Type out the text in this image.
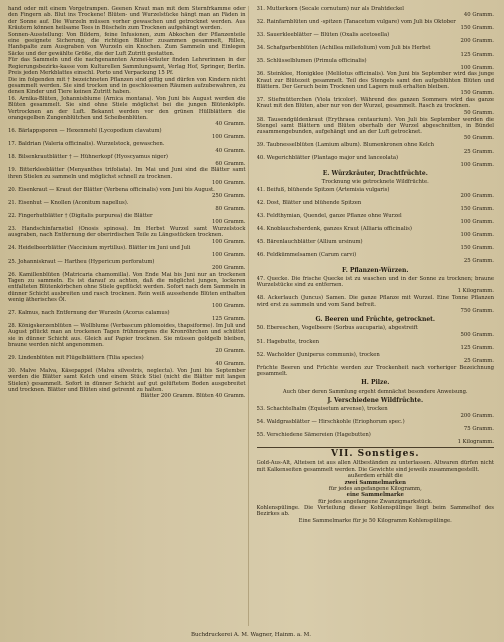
hand oder mit einem Vorgetrampen. Geenen Kraut man mit dem Sternfrkamme oder den Fingern ab. Blut ins Trockene! Blüten- und Wurzelstücke hängt man an Fäden in der Sonne auf. Die Wurzeln müssen vorher gewaschen und getrocknet werden. Aus Kräutern können heilsame Tees in Büscheln zum Trocknen aufgehängt werden.

Sonnen-Ausstellung: Von Bildern, feine Infusionen, zum Abkochen der Pflanzenteile eine geeignete Sicherung, die richtigen Blätter zusammen gesammelt, Rillen, Hanfspalte zum Ausgraben von Wurzeln ein Knochen. Zum Sammeln und Einlegen Säcke und der gewählte Größe, die der Luft Zutritt gestatten.

Für das Sammeln und die nachgenannten Arznei-kräuter finden Lehrerinnen in der Regierungsbezirks-kasse vom Kulturellen Sammlungsamt, Verlag Hof, Springer, Berlin. Preis jeden Merkblattes einschl. Porto und Verpackung 15 Pf.

Die im folgenden mit † bezeichneten Pflanzen sind giftig und dürfen von Kindern nicht gesammelt werden. Sie sind trocken und in geschlossenen Räumen aufzubewahren, zu denen Kinder und Tiere keinen Zutritt haben.

16. Arnika-Blüten, Johannisblume (Arnica montana). Von Juni bis August werden die Blüten gesammelt. Sie sind ohne Stiele möglichst bei die jungen Blütenköpfe. Vertrocknen an der Luft. Bekannt werden vor den grünen Hüllblättern die orangegelben Zungenblütchen und Scheibenblüten.
40 Gramm.

16. Bärlappsporen — Hexenmehl (Lycopodium clavatum)
100 Gramm.

17. Baldrian (Valeria officinalis). Wurzelstock, gewaschen.
40 Gramm.

18. Bilsenkrautblätter † — Hühnerkopf (Hyoscyamus niger)
60 Gramm.

19. Bitterkleeblätter (Menyanthes trifoliata). Im Mai und Juni sind die Blätter samt ihren Stielen zu sammeln und möglichst schnell zu trocknen.
100 Gramm.

20. Eisenkraut — Kraut der Blätter (Verbena officinalis) vom Juni bis August.
250 Gramm.

21. Eisenhut — Knollen (Aconitum napellus).
80 Gramm.

22. Fingerhutblätter † (Digitalis purpurea) die Blätter
100 Gramm.

23. Handschinfarnstiel (Onosis spinosa). Im Herbst Wurzel samt Wurzelstock ausgraben, nach Entfernung der oberirdischen Teile zu Längsstücken trocknen.
100 Gramm.

24. Heidelbeerblätter (Vaccinium myrtillus). Blätter im Juni und Juli
100 Gramm.

25. Johanniskraut — Hartheu (Hypericum perforatum)
200 Gramm.

26. Kamillenblüten (Matricaria chamomilla). Von Ende Mai bis Juni nur an trockenen Tagen zu sammeln. Es ist darauf zu achten, daß die möglichst jungen, lockeren entfalteten Blütenkörbchen ohne Stiele gepflückt werden. Sofort nach dem Sammeln in dünner Schicht ausbreiten und rasch trocknen. Rein weiß aussehende Blüten enthalten wenig ätherisches Öl.
100 Gramm.

27. Kalmus, nach Entfernung der Wurzeln (Acorus calamus)
125 Gramm.

28. Königskerzenblüten — Wollblume (Verbascum phlomoides, thapsiforme). Im Juli und August pflückt man an trockenen Tagen frühmorgens die Kronröhrchen und schüttet sie in dünner Schicht aus. Gleich auf Papier trocknen. Sie müssen goldgelb bleiben, braune werden nicht angenommen.
20 Gramm.

29. Lindenblüten mit Flügelblättern (Tilia species)
40 Gramm.

30. Malve Malva, Käsepappel (Malva silvestris, neglecta). Von Juni bis September werden die Blätter samt Kelch und einem Stück Stiel (nicht die Blätter mit langen Stielen) gesammelt. Sofort in dünner Schicht auf gut gelüftetem Boden ausgebreitet und trocknen. Blätter und Blüten sind getrennt zu halten.
Blätter 200 Gramm. Blüten 40 Gramm.

31. Mutterkorn (Secale cornutum) nur als Drahtdeckel
40 Gramm.

32. Rainfarnblüten und -spitzen (Tanacetum vulgare) vom Juli bis Oktober
150 Gramm.

33. Sauerkleeblätter — Blüten (Oxalis acetosella)
200 Gramm.

34. Schafgarbenblüten (Achillea millefolium) vom Juli bis Herbst
125 Gramm.

35. Schlüsselblumen (Primula officinalis)
100 Gramm.

36. Steinklee, Honigklee (Melilotus officinalis). Von Juni bis September wird das junge Kraut zur Blütezeit gesammelt. Teil des Stengels samt den aufgeblühten Blüten und Blättern. Der Geruch beim Trocknen und Lagern muß erhalten bleiben.
150 Gramm.

37. Stiefmütterchen (Viola tricolor). Während des ganzen Sommers wird das ganze Kraut mit den Blüten, aber nur von der Wurzel, gesammelt. Rasch zu trocknen.
50 Gramm.

38. Tausendgüldenkraut (Erythraea centaurium). Von Juli bis September werden die Stengel samt Blättern und Blüten oberhalb der Wurzel abgeschnitten, in Bündel zusammengebunden, aufgehängt und an der Luft getrocknet.
50 Gramm.

39. Taubnesselblüten (Lamium album). Blumenkronen ohne Kelch
25 Gramm.

40. Wegerichblätter (Plantago major und lanceolata)
100 Gramm.

E. Würzkräuter, Drachtfrüchte.
Trocknung wie getrocknete Wildfrüchte.

41. Beifuß, blühende Spitzen (Artemisia vulgaris)
200 Gramm.

42. Dost, Blätter und blühende Spitzen
150 Gramm.

43. Feldthymian, Quendel, ganze Pflanze ohne Wurzel
100 Gramm.

44. Knoblauchsherdenk, ganzes Kraut (Alliaria officinalis)
100 Gramm.

45. Bärenlauchblätter (Allium ursinum)
150 Gramm.

46. Feldkümmelsamen (Carum carvi)
25 Gramm.

F. Pflanzen-Würzen.

47. Quecke. Die frische Quecke ist zu waschen und in der Sonne zu trocknen; braune Wurzelstücke sind zu entfernen.
1 Kilogramm.

48. Ackerlauch (Juncus) Samen. Die ganze Pflanze mit Wurzel. Eine Tonne Pflanzen wird erst zu sammeln und vom Sand befreit.
750 Gramm.

G. Beeren und Früchte, getrocknet.

50. Ebereschen, Vogelbeere (Sorbus aucuparia), abgestreift
500 Gramm.

51. Hagebutte, trocken
125 Gramm.

52. Wacholder (Juniperus communis), trocken
25 Gramm.

Früchte Beeren und Früchte werden zur Trockenheit nach vorheriger Bezeichnung gesammelt.

H. Pilze.
Auch über deren Sammlung ergeht demnächst besondere Anweisung.
J. Verschiedene Wildfrüchte.

53. Schachtelhalm (Equisetum arvense), trocken
200 Gramm.

54. Waldgrasblätter — Hirschkohle (Eriophorum spec.)
75 Gramm.

55. Verschiedene Sämereien (Hagebutten)
1 Kilogramm.

VII. Sonstiges.

Gold-Aus-Alt, Alteisen ist aus allen Altbeständen zu unterlassen. Altwaren dürfen nicht mit Kalkenseiten gesammelt werden. Die Gewichte sind jeweils zusammengestellt.

außerdem erhält die
zwei Sammelmarken
für jedes angefangene Kilogramm,
eine Sammelmarke
für jedes angefangene Zwanzigmarkstück.

Kohlenspülinge. Die Verteilung dieser Kohlenspülinge liegt beim Sammelhof des Bezirkes ab.

Eine Sammelmarke für je 50 Kilogramm Kohlenspülinge.

Buchdruckerei A. M. Wagner, Hainm. a. M.
